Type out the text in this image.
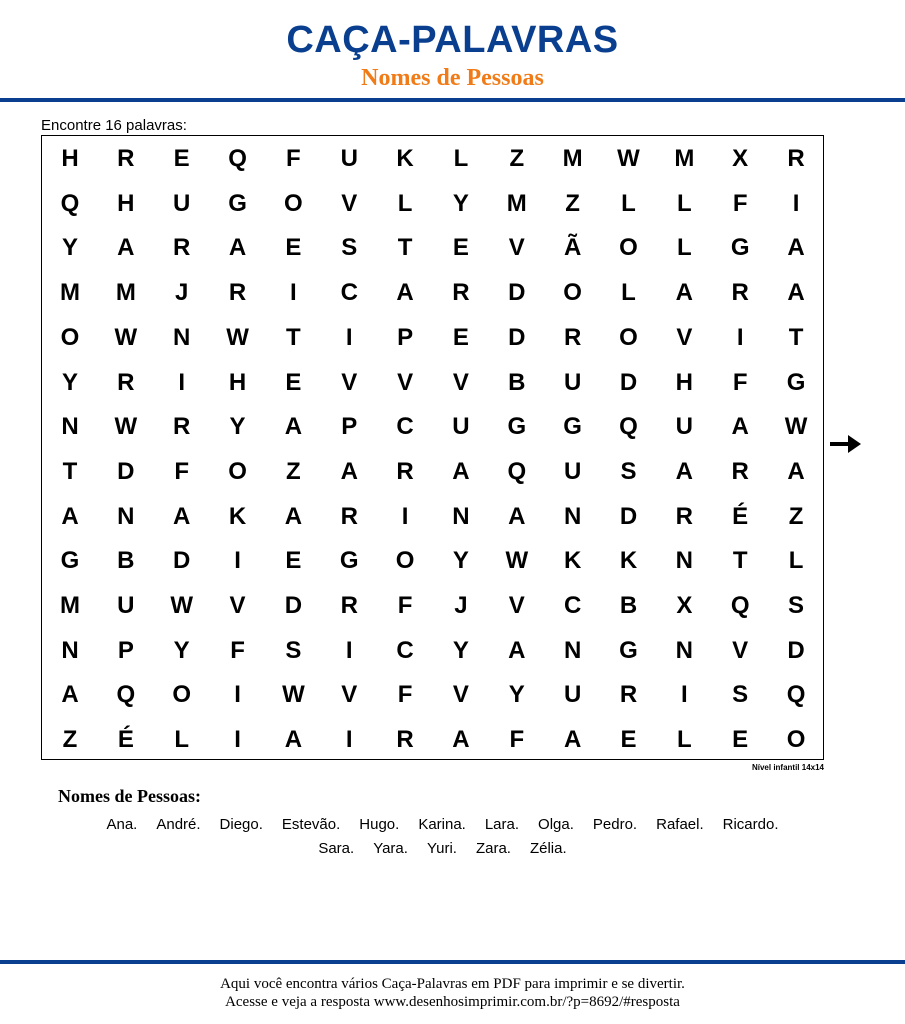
CAÇA-PALAVRAS
Nomes de Pessoas
Encontre 16 palavras:
H	R	E	Q	F	U	K	L	Z	M	W	M	X	R
Q	H	U	G	O	V	L	Y	M	Z	L	L	F	I
Y	A	R	A	E	S	T	E	V	Ã	O	L	G	A
M	M	J	R	I	C	A	R	D	O	L	A	R	A
O	W	N	W	T	I	P	E	D	R	O	V	I	T
Y	R	I	H	E	V	V	V	B	U	D	H	F	G
N	W	R	Y	A	P	C	U	G	G	Q	U	A	W
T	D	F	O	Z	A	R	A	Q	U	S	A	R	A
A	N	A	K	A	R	I	N	A	N	D	R	É	Z
G	B	D	I	E	G	O	Y	W	K	K	N	T	L
M	U	W	V	D	R	F	J	V	C	B	X	Q	S
N	P	Y	F	S	I	C	Y	A	N	G	N	V	D
A	Q	O	I	W	V	F	V	Y	U	R	I	S	Q
Z	É	L	I	A	I	R	A	F	A	E	L	E	O
Nível infantil 14x14
Nomes de Pessoas:
Ana. André. Diego. Estevão. Hugo. Karina. Lara. Olga. Pedro. Rafael. Ricardo.
Sara. Yara. Yuri. Zara. Zélia.
Aqui você encontra vários Caça-Palavras em PDF para imprimir e se divertir.
Acesse e veja a resposta www.desenhosimprimir.com.br/?p=8692/#resposta
